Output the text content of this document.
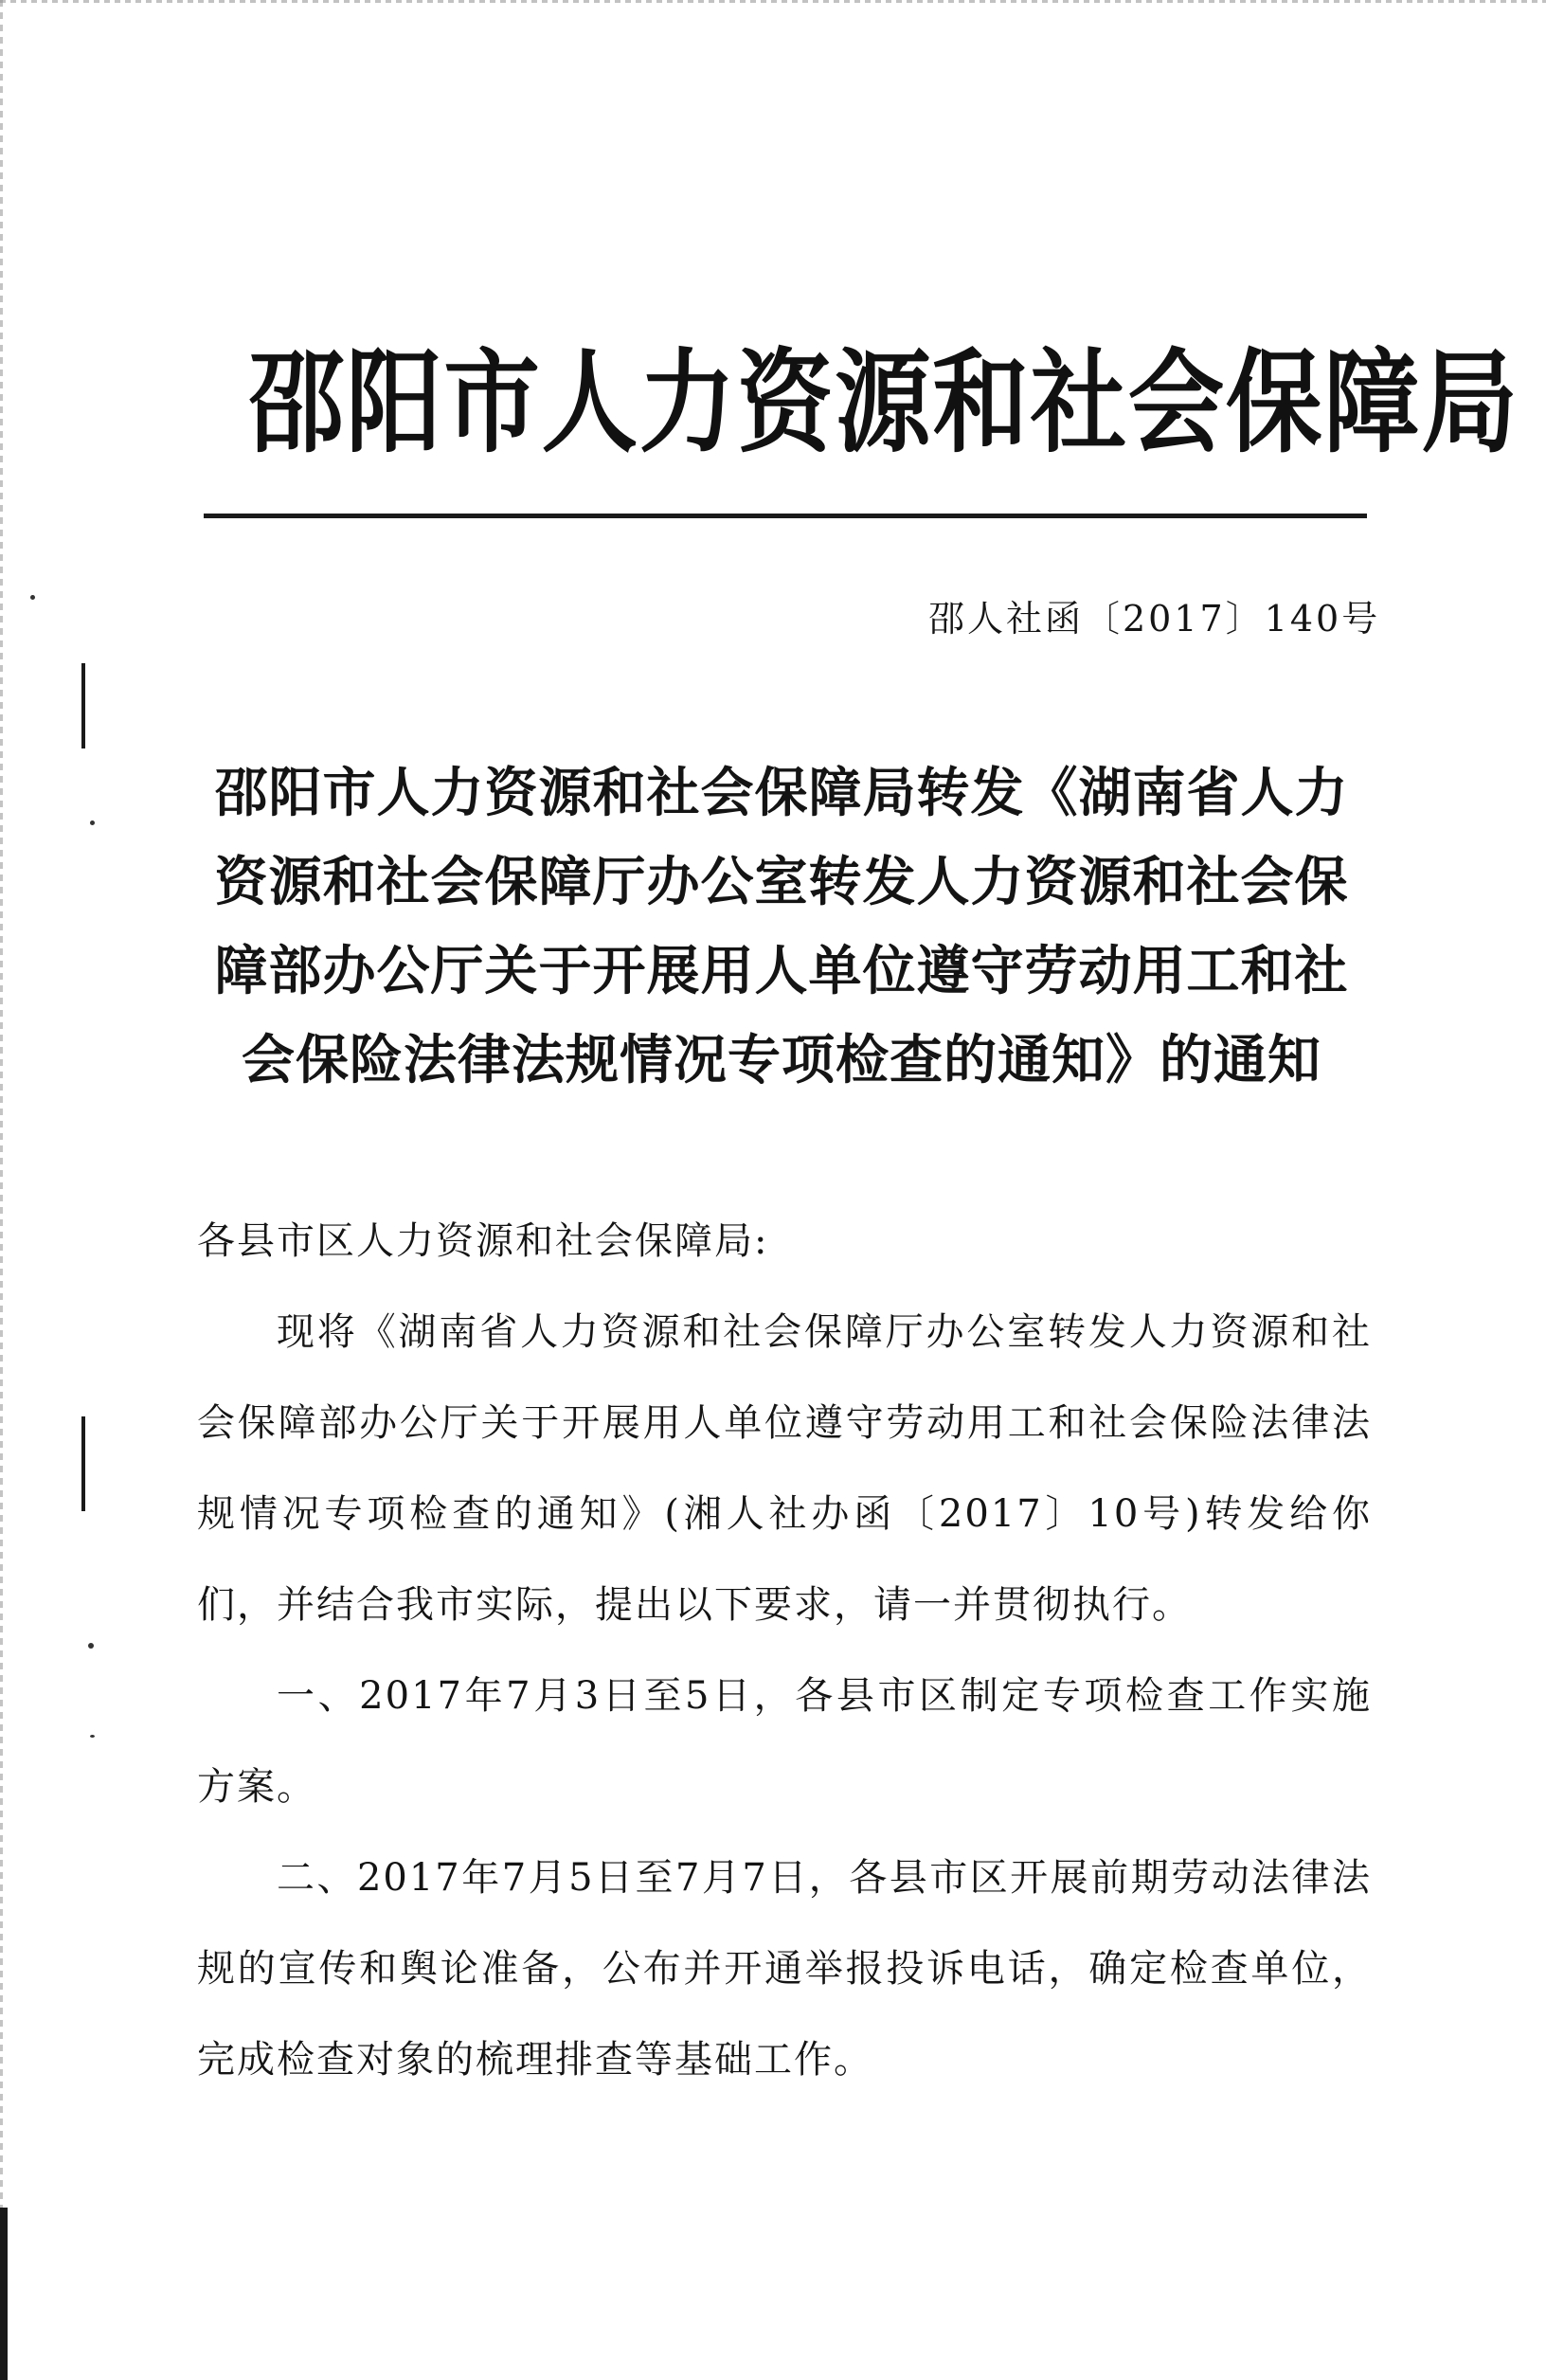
邵阳市人力资源和社会保障局
邵人社函〔2017〕140号
邵阳市人力资源和社会保障局转发《湖南省人力
资源和社会保障厅办公室转发人力资源和社会保
障部办公厅关于开展用人单位遵守劳动用工和社
会保险法律法规情况专项检查的通知》的通知

各县市区人力资源和社会保障局:

现将《湖南省人力资源和社会保障厅办公室转发人力资源和社会保障部办公厅关于开展用人单位遵守劳动用工和社会保险法律法规情况专项检查的通知》(湘人社办函〔2017〕10号)转发给你们，并结合我市实际，提出以下要求，请一并贯彻执行。

一、2017年7月3日至5日，各县市区制定专项检查工作实施方案。

二、2017年7月5日至7月7日，各县市区开展前期劳动法律法规的宣传和舆论准备，公布并开通举报投诉电话，确定检查单位，完成检查对象的梳理排查等基础工作。
